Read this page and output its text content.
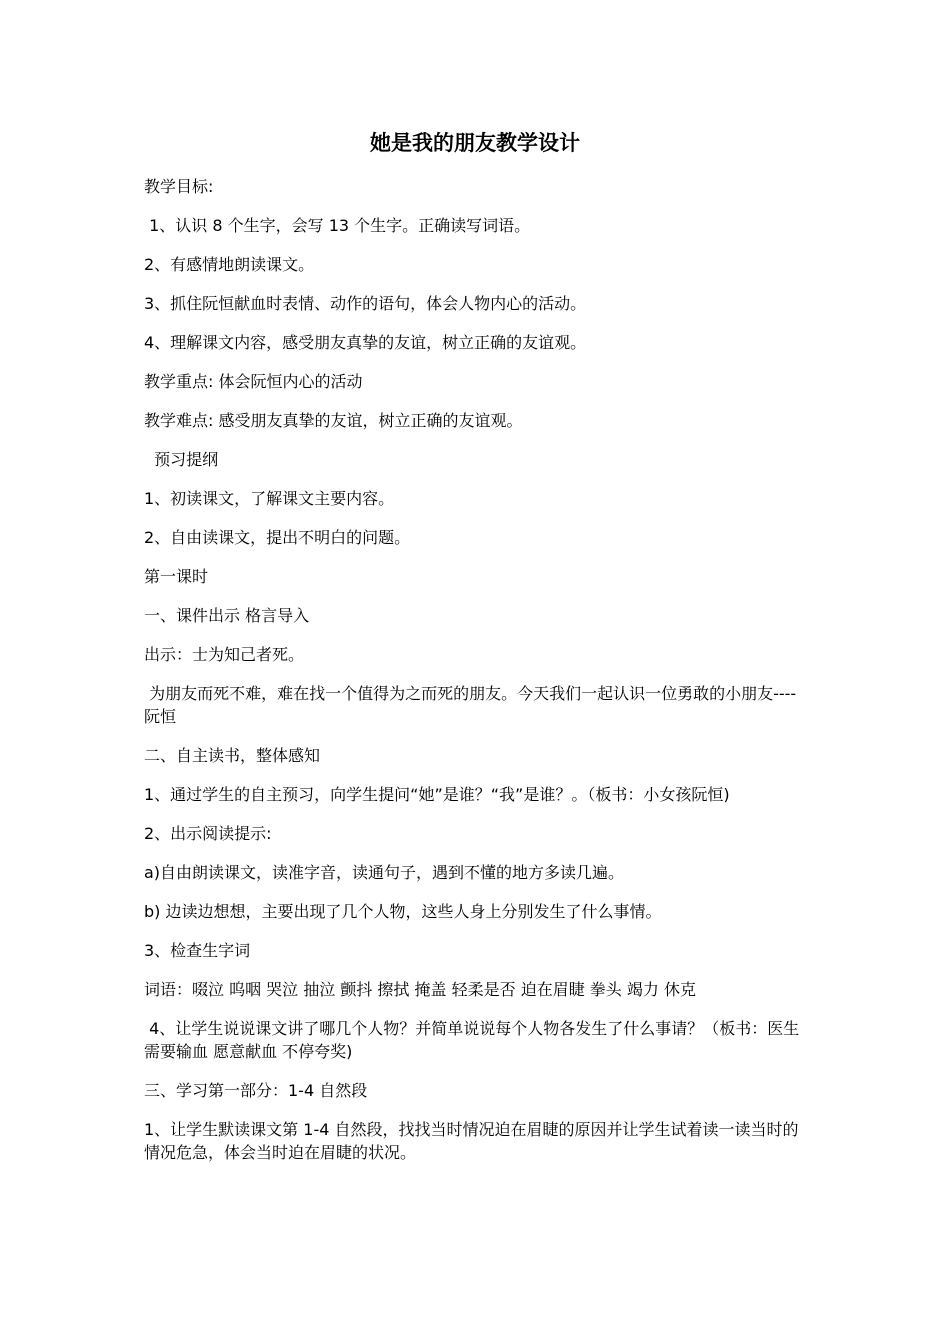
她是我的朋友教学设计

教学目标:

1、认识 8 个生字，会写 13 个生字。正确读写词语。

2、有感情地朗读课文。

3、抓住阮恒献血时表情、动作的语句，体会人物内心的活动。

4、理解课文内容，感受朋友真挚的友谊，树立正确的友谊观。

教学重点: 体会阮恒内心的活动

教学难点: 感受朋友真挚的友谊，树立正确的友谊观。

预习提纲

1、初读课文，了解课文主要内容。

2、自由读课文，提出不明白的问题。

第一课时

一、课件出示 格言导入

出示：士为知己者死。

为朋友而死不难，难在找一个值得为之而死的朋友。今天我们一起认识一位勇敢的小朋友----阮恒

二、自主读书，整体感知

1、通过学生的自主预习，向学生提问“她”是谁？“我”是谁？。（板书：小女孩阮恒)

2、出示阅读提示:

a)自由朗读课文，读准字音，读通句子，遇到不懂的地方多读几遍。

b) 边读边想想，主要出现了几个人物，这些人身上分别发生了什么事情。

3、检查生字词

词语：啜泣 呜咽 哭泣 抽泣 颤抖 擦拭 掩盖 轻柔是否 迫在眉睫 拳头 竭力 休克

4、让学生说说课文讲了哪几个人物？并简单说说每个人物各发生了什么事请？（板书：医生 需要输血 愿意献血 不停夸奖)

三、学习第一部分：1-4 自然段

1、让学生默读课文第 1-4 自然段，找找当时情况迫在眉睫的原因并让学生试着读一读当时的情况危急，体会当时迫在眉睫的状况。
